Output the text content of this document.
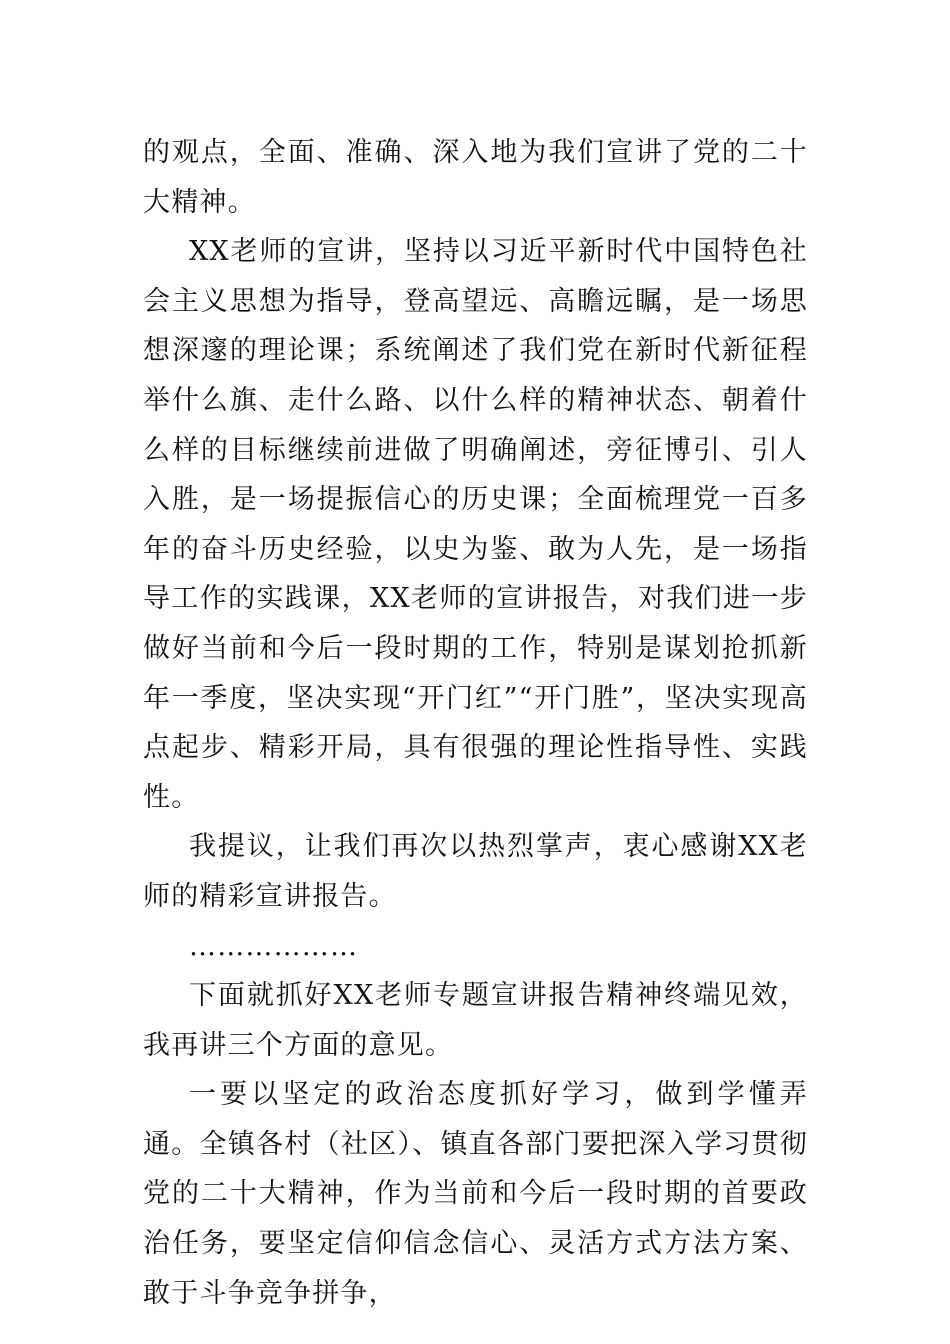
的观点，全面、准确、深入地为我们宣讲了党的二十大精神。

XX老师的宣讲，坚持以习近平新时代中国特色社会主义思想为指导，登高望远、高瞻远瞩，是一场思想深邃的理论课；系统阐述了我们党在新时代新征程举什么旗、走什么路、以什么样的精神状态、朝着什么样的目标继续前进做了明确阐述，旁征博引、引人入胜，是一场提振信心的历史课；全面梳理党一百多年的奋斗历史经验，以史为鉴、敢为人先，是一场指导工作的实践课，XX老师的宣讲报告，对我们进一步做好当前和今后一段时期的工作，特别是谋划抢抓新年一季度，坚决实现“开门红”“开门胜”，坚决实现高点起步、精彩开局，具有很强的理论性指导性、实践性。

我提议，让我们再次以热烈掌声，衷心感谢XX老师的精彩宣讲报告。

………………

下面就抓好XX老师专题宣讲报告精神终端见效，我再讲三个方面的意见。

一要以坚定的政治态度抓好学习，做到学懂弄通。全镇各村（社区）、镇直各部门要把深入学习贯彻党的二十大精神，作为当前和今后一段时期的首要政治任务，要坚定信仰信念信心、灵活方式方法方案、敢于斗争竞争拼争，
